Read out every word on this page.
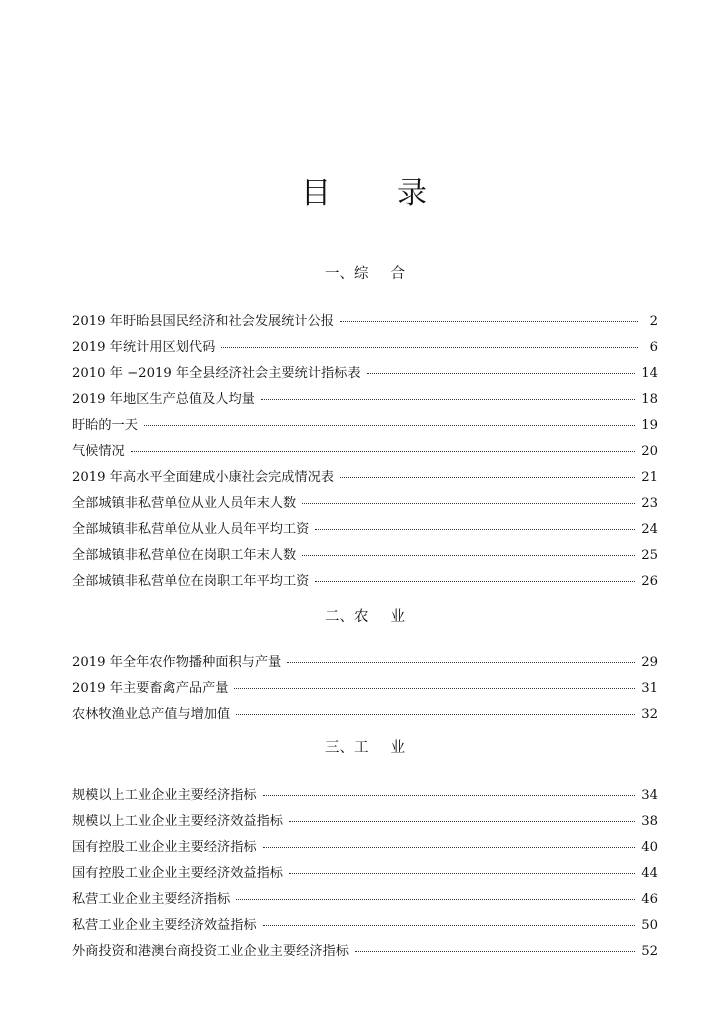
目 录
一、综 合
2019 年盱眙县国民经济和社会发展统计公报	2
2019 年统计用区划代码	6
2010 年 −2019 年全县经济社会主要统计指标表	14
2019 年地区生产总值及人均量	18
盱眙的一天	19
气候情况	20
2019 年高水平全面建成小康社会完成情况表	21
全部城镇非私营单位从业人员年末人数	23
全部城镇非私营单位从业人员年平均工资	24
全部城镇非私营单位在岗职工年末人数	25
全部城镇非私营单位在岗职工年平均工资	26
二、农 业
2019 年全年农作物播种面积与产量	29
2019 年主要畜禽产品产量	31
农林牧渔业总产值与增加值	32
三、工 业
规模以上工业企业主要经济指标	34
规模以上工业企业主要经济效益指标	38
国有控股工业企业主要经济指标	40
国有控股工业企业主要经济效益指标	44
私营工业企业主要经济指标	46
私营工业企业主要经济效益指标	50
外商投资和港澳台商投资工业企业主要经济指标	52
